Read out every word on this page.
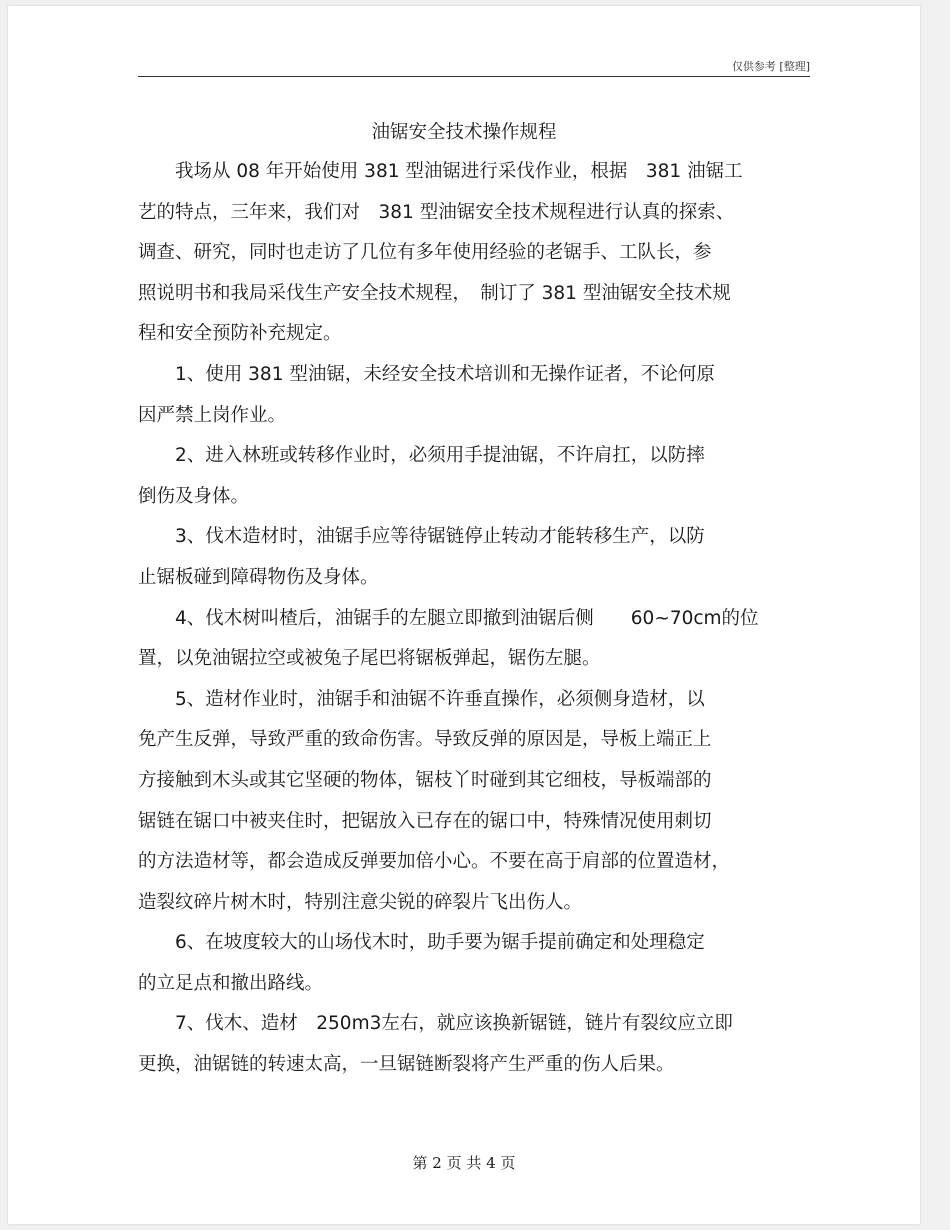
仅供参考 [整理]
油锯安全技术操作规程
　　我场从 08 年开始使用 381 型油锯进行采伐作业，根据　381 油锯工
艺的特点，三年来，我们对　381 型油锯安全技术规程进行认真的探索、
调查、研究，同时也走访了几位有多年使用经验的老锯手、工队长，参
照说明书和我局采伐生产安全技术规程，　制订了 381 型油锯安全技术规
程和安全预防补充规定。
　　1、使用 381 型油锯，未经安全技术培训和无操作证者，不论何原
因严禁上岗作业。
　　2、进入林班或转移作业时，必须用手提油锯，不许肩扛，以防摔
倒伤及身体。
　　3、伐木造材时，油锯手应等待锯链停止转动才能转移生产，以防
止锯板碰到障碍物伤及身体。
　　4、伐木树叫楂后，油锯手的左腿立即撤到油锯后侧　　60~70cm的位
置，以免油锯拉空或被兔子尾巴将锯板弹起，锯伤左腿。
　　5、造材作业时，油锯手和油锯不许垂直操作，必须侧身造材，以
免产生反弹，导致严重的致命伤害。导致反弹的原因是，导板上端正上
方接触到木头或其它坚硬的物体，锯枝丫时碰到其它细枝，导板端部的
锯链在锯口中被夹住时，把锯放入已存在的锯口中，特殊情况使用刺切
的方法造材等，都会造成反弹要加倍小心。不要在高于肩部的位置造材，
造裂纹碎片树木时，特别注意尖锐的碎裂片飞出伤人。
　　6、在坡度较大的山场伐木时，助手要为锯手提前确定和处理稳定
的立足点和撤出路线。
　　7、伐木、造材　250m3左右，就应该换新锯链，链片有裂纹应立即
更换，油锯链的转速太高，一旦锯链断裂将产生严重的伤人后果。
第 2 页 共 4 页
